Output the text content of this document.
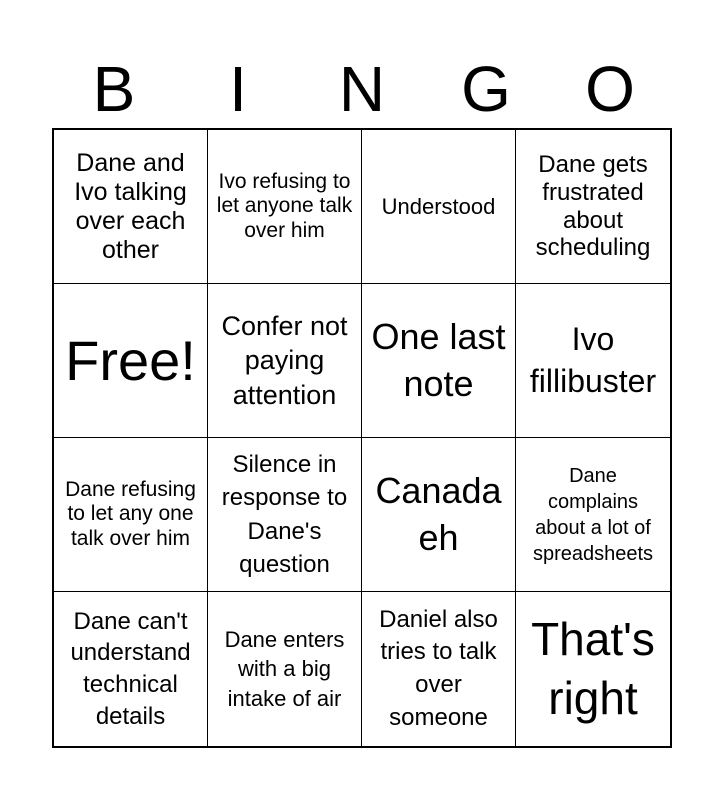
B	I	N	G	O
Dane and Ivo talking over each other
Ivo refusing to let anyone talk over him
Understood
Dane gets frustrated about scheduling
Free!
Confer not paying attention
One last note
Ivo fillibuster
Dane refusing to let any one talk over him
Silence in response to Dane's question
Canada eh
Dane complains about a lot of spreadsheets
Dane can't understand technical details
Dane enters with a big intake of air
Daniel also tries to talk over someone
That's right
